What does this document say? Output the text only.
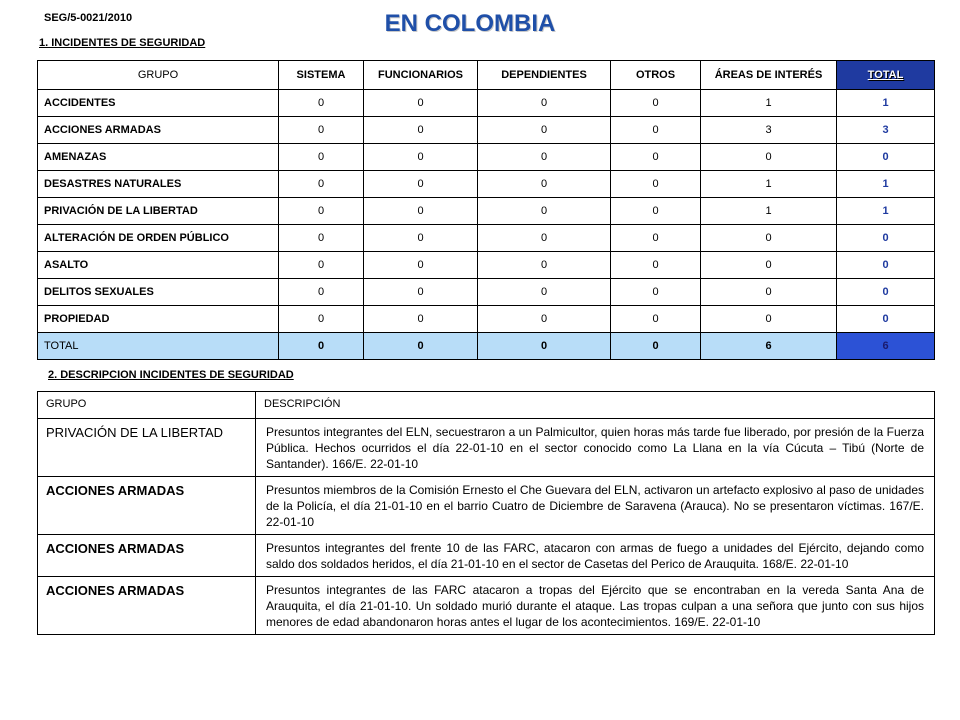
SEG/5-0021/2010	EN COLOMBIA
1. INCIDENTES DE SEGURIDAD
GRUPO	SISTEMA	FUNCIONARIOS	DEPENDIENTES	OTROS	ÁREAS DE INTERÉS	TOTAL
ACCIDENTES	0	0	0	0	1	1
ACCIONES ARMADAS	0	0	0	0	3	3
AMENAZAS	0	0	0	0	0	0
DESASTRES NATURALES	0	0	0	0	1	1
PRIVACIÓN DE LA LIBERTAD	0	0	0	0	1	1
ALTERACIÓN DE ORDEN PÚBLICO	0	0	0	0	0	0
ASALTO	0	0	0	0	0	0
DELITOS SEXUALES	0	0	0	0	0	0
PROPIEDAD	0	0	0	0	0	0
TOTAL	0	0	0	0	6	6
2. DESCRIPCION INCIDENTES DE SEGURIDAD
GRUPO	DESCRIPCIÓN
PRIVACIÓN DE LA LIBERTAD	Presuntos integrantes del ELN, secuestraron a un Palmicultor, quien horas más tarde fue liberado, por presión de la Fuerza Pública. Hechos ocurridos el día 22-01-10 en el sector conocido como La Llana en la vía Cúcuta – Tibú (Norte de Santander). 166/E. 22-01-10
ACCIONES ARMADAS	Presuntos miembros de la Comisión Ernesto el Che Guevara del ELN, activaron un artefacto explosivo al paso de unidades de la Policía, el día 21-01-10 en el barrio Cuatro de Diciembre de Saravena (Arauca). No se presentaron víctimas. 167/E. 22-01-10
ACCIONES ARMADAS	Presuntos integrantes del frente 10 de las FARC, atacaron con armas de fuego a unidades del Ejército, dejando como saldo dos soldados heridos, el día 21-01-10 en el sector de Casetas del Perico de Arauquita. 168/E. 22-01-10
ACCIONES ARMADAS	Presuntos integrantes de las FARC atacaron a tropas del Ejército que se encontraban en la vereda Santa Ana de Arauquita, el día 21-01-10. Un soldado murió durante el ataque. Las tropas culpan a una señora que junto con sus hijos menores de edad abandonaron horas antes el lugar de los acontecimientos. 169/E. 22-01-10
